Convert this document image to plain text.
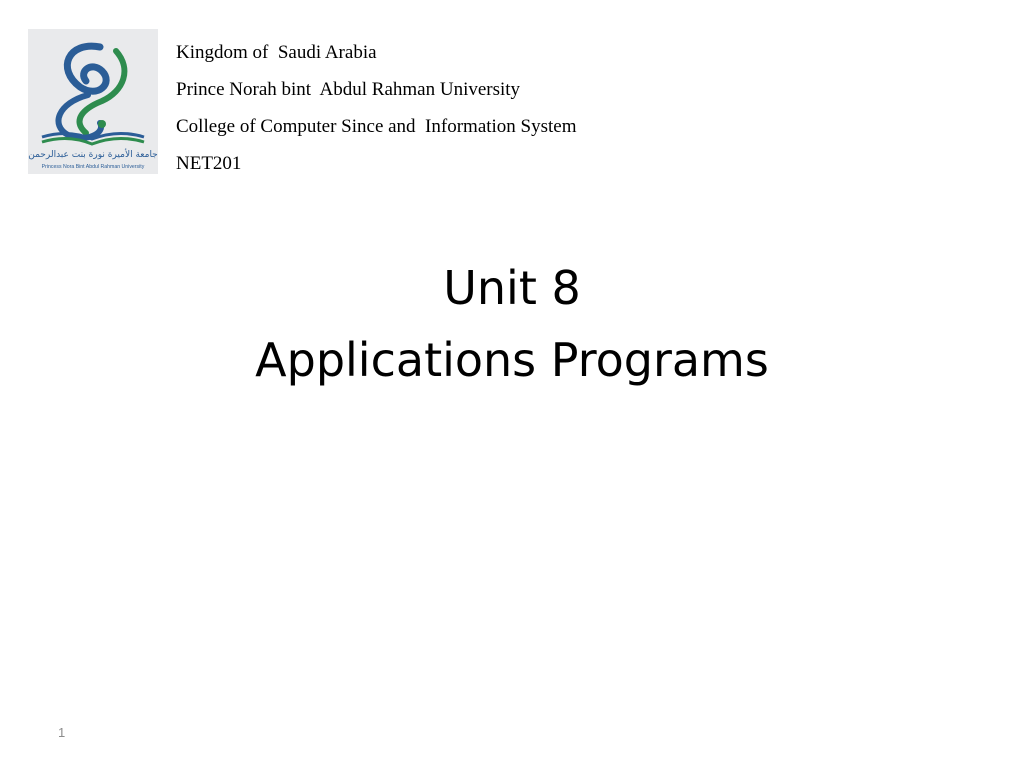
جامعة الأميرة نورة بنت عبدالرحمن
Princess Nora Bint Abdul Rahman University
Kingdom of  Saudi Arabia
Prince Norah bint  Abdul Rahman University
College of Computer Since and  Information System
NET201
Unit 8
Applications Programs
1
